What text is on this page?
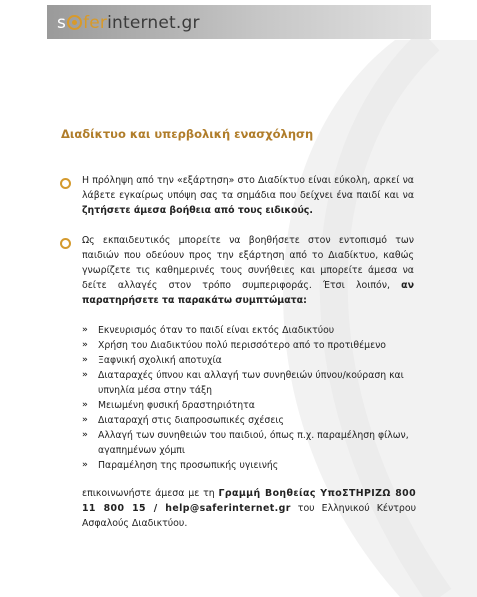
s ferinternet.gr
Διαδίκτυο και υπερβολική ενασχόληση
Η πρόληψη από την «εξάρτηση» στο Διαδίκτυο είναι εύκολη, αρκεί να λάβετε εγκαίρως υπόψη σας τα σημάδια που δείχνει ένα παιδί και να ζητήσετε άμεσα βοήθεια από τους ειδικούς.
Ως εκπαιδευτικός μπορείτε να βοηθήσετε στον εντοπισμό των παιδιών που οδεύουν προς την εξάρτηση από το Διαδίκτυο, καθώς γνωρίζετε τις καθημερινές τους συνήθειες και μπορείτε άμεσα να δείτε αλλαγές στον τρόπο συμπεριφοράς. Έτσι λοιπόν, αν παρατηρήσετε τα παρακάτω συμπτώματα:
» Εκνευρισμός όταν το παιδί είναι εκτός Διαδικτύου
» Χρήση του Διαδικτύου πολύ περισσότερο από το προτιθέμενο
» Ξαφνική σχολική αποτυχία
» Διαταραχές ύπνου και αλλαγή των συνηθειών ύπνου/κούραση και υπνηλία μέσα στην τάξη
» Μειωμένη φυσική δραστηριότητα
» Διαταραχή στις διαπροσωπικές σχέσεις
» Αλλαγή των συνηθειών του παιδιού, όπως π.χ. παραμέληση φίλων, αγαπημένων χόμπι
» Παραμέληση της προσωπικής υγιεινής
επικοινωνήστε άμεσα με τη Γραμμή Βοηθείας ΥποΣΤΗΡΙΖΩ 800 11 800 15 / help@saferinternet.gr του Ελληνικού Κέντρου Ασφαλούς Διαδικτύου.
